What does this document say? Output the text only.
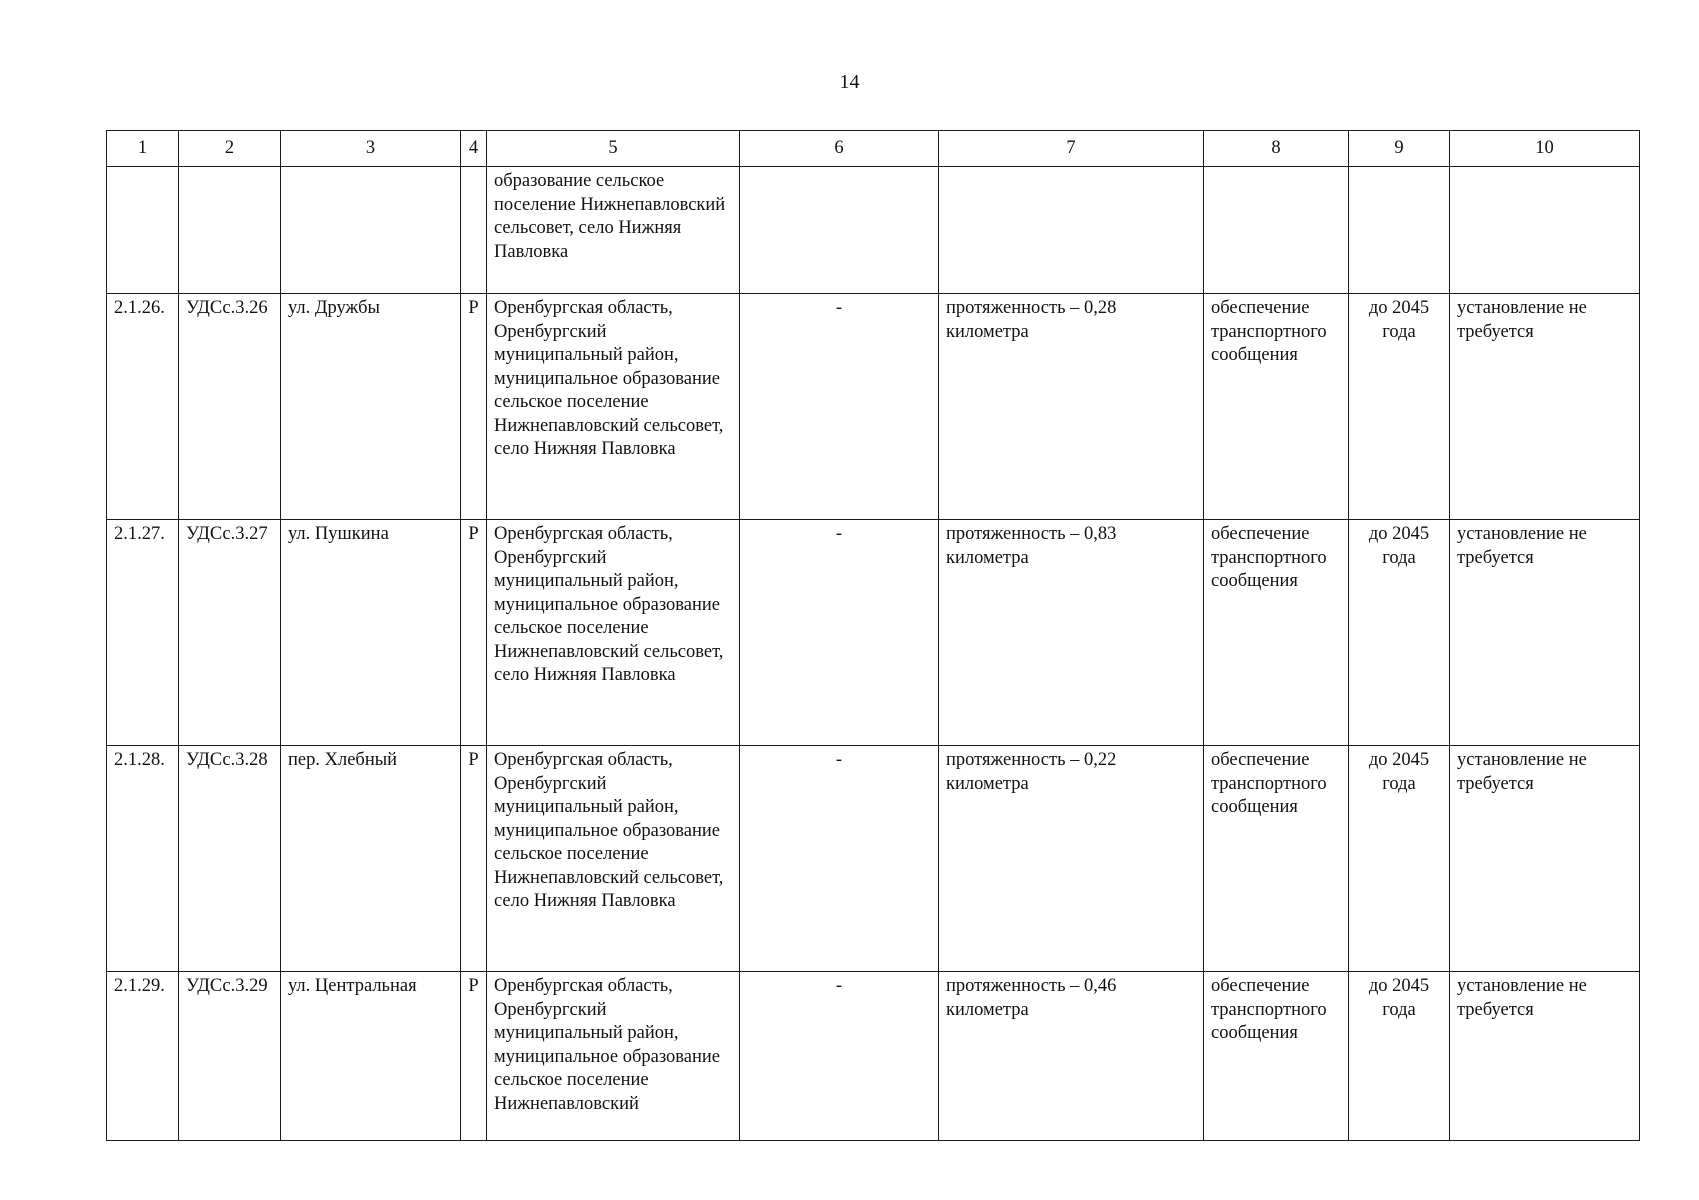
14
1	2	3	4	5	6	7	8	9	10
				образование сельское поселение Нижнепавловский сельсовет, село Нижняя Павловка					
2.1.26.	УДСс.3.26	ул. Дружбы	Р	Оренбургская область, Оренбургский муниципальный район, муниципальное образование сельское поселение Нижнепавловский сельсовет, село Нижняя Павловка	-	протяженность – 0,28 километра	обеспечение транспортного сообщения	до 2045 года	установление не требуется
2.1.27.	УДСс.3.27	ул. Пушкина	Р	Оренбургская область, Оренбургский муниципальный район, муниципальное образование сельское поселение Нижнепавловский сельсовет, село Нижняя Павловка	-	протяженность – 0,83 километра	обеспечение транспортного сообщения	до 2045 года	установление не требуется
2.1.28.	УДСс.3.28	пер. Хлебный	Р	Оренбургская область, Оренбургский муниципальный район, муниципальное образование сельское поселение Нижнепавловский сельсовет, село Нижняя Павловка	-	протяженность – 0,22 километра	обеспечение транспортного сообщения	до 2045 года	установление не требуется
2.1.29.	УДСс.3.29	ул. Центральная	Р	Оренбургская область, Оренбургский муниципальный район, муниципальное образование сельское поселение Нижнепавловский	-	протяженность – 0,46 километра	обеспечение транспортного сообщения	до 2045 года	установление не требуется
